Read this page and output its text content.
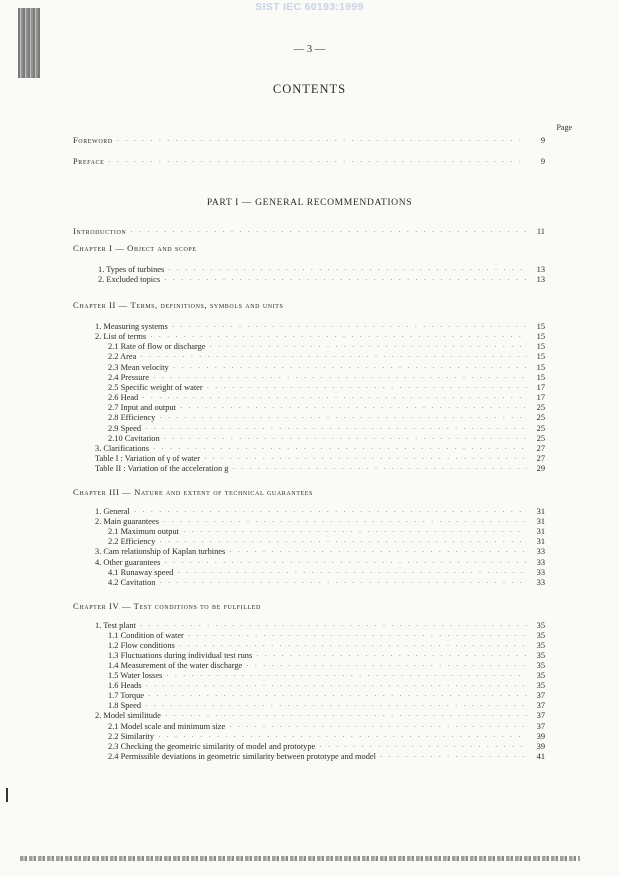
SIST IEC 60193:1999
— 3 —
CONTENTS
Page
PART I — GENERAL RECOMMENDATIONS
Foreword · · ·	9
Preface · · ·	9
Introduction · · ·	11
Chapter I — Object and scope
1. Types of turbines · · ·	13
2. Excluded topics · · ·	13
Chapter II — Terms, definitions, symbols and units
1. Measuring systems · · ·	15
2. List of terms · · ·	15
2.1 Rate of flow or discharge · · ·	15
2.2 Area · · ·	15
2.3 Mean velocity · · ·	15
2.4 Pressure · · ·	15
2.5 Specific weight of water · · ·	17
2.6 Head · · ·	17
2.7 Input and output · · ·	25
2.8 Efficiency · · ·	25
2.9 Speed · · ·	25
2.10 Cavitation · · ·	25
3. Clarifications · · ·	27
Table I : Variation of γ of water · · ·	27
Table II : Variation of the acceleration g · · ·	29
Chapter III — Nature and extent of technical guarantees
1. General · · ·	31
2. Main guarantees · · ·	31
2.1 Maximum output · · ·	31
2.2 Efficiency · · ·	31
3. Cam relationship of Kaplan turbines · · ·	33
4. Other guarantees · · ·	33
4.1 Runaway speed · · ·	33
4.2 Cavitation · · ·	33
Chapter IV — Test conditions to be fulfilled
1. Test plant · · ·	35
1.1 Condition of water · · ·	35
1.2 Flow conditions · · ·	35
1.3 Fluctuations during individual test runs · · ·	35
1.4 Measurement of the water discharge · · ·	35
1.5 Water losses · · ·	35
1.6 Heads · · ·	35
1.7 Torque · · ·	37
1.8 Speed · · ·	37
2. Model similitude · · ·	37
2.1 Model scale and minimum size · · ·	37
2.2 Similarity · · ·	39
2.3 Checking the geometric similarity of model and prototype · · ·	39
2.4 Permissible deviations in geometric similarity between prototype and model · · ·	41
